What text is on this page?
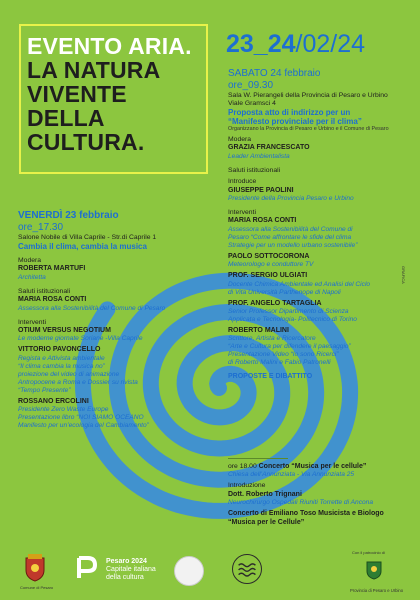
EVENTO ARIA.
LA NATURA
VIVENTE
DELLA
CULTURA.
23_24/02/24
SABATO 24 febbraio
ore_09.30
Sala W. Pierangeli della Provincia di Pesaro e Urbino
Viale Gramsci 4
Proposta atto di indirizzo per un
“Manifesto provinciale per il clima”
Organizzano la Provincia di Pesaro e Urbino e il Comune di Pesaro
Modera
GRAZIA FRANCESCATO
Leader Ambientalista
Saluti istituzionali
Introduce
GIUSEPPE PAOLINI
Presidente della Provincia Pesaro e Urbino
Interventi
MARIA ROSA CONTI
Assessora alla Sostenibilità del Comune di
Pesaro “Come affrontare le sfide del clima
Strategie per un modello urbano sostenibile”
PAOLO SOTTOCORONA
Meteorologo e conduttore TV
PROF. SERGIO ULGIATI
Docente Chimica Ambientale ed Analisi del Ciclo
di Vita Università Parthenope di Napoli
PROF. ANGELO TARTAGLIA
Senior Professor Dipartimento di Scienza
Applicata e Tecnologia- Politecnico di Torino
ROBERTO MALINI
Scrittore, Artista e Ricercatore
“Arte e Cultura per difendere il paesaggio”
Presentazione Video “Io sono Ricerci”
di Roberto Malini e Fabio Patronelli
PROPOSTE E DIBATTITO
ore 18.00 Concerto “Musica per le cellule”
Chiesa dell’Annunziata - Via Annunziata 25
Introduzione
Dott. Roberto Trignani
Neurochirurgo Ospedali Riuniti Torrette di Ancona
Concerto di Emiliano Toso Musicista e Biologo
“Musica per le Cellule”
VENERDÌ 23 febbraio
ore_17.30
Salone Nobile di Villa Caprile - Str.di Caprile 1
Cambia il clima, cambia la musica
Modera
ROBERTA MARTUFI
Architetta
Saluti istituzionali
MARIA ROSA CONTI
Assessora alla Sostenibilità del Comune di Pesaro
Interventi
OTIUM VERSUS NEGOTIUM
Le moderne giornate Soriane -Villa Caprile
VITTORIO PAVONCELLO
Regista e Attivista ambientale
“Il clima cambia la musica no”
proiezione del video di animazione
Antropocene a Roma e Dossier su rivista
“Tempo Presente”
ROSSANO ERCOLINI
Presidente Zero Waste Europe
Presentazione libro “NOI SIAMO OCEANO
Manifesto per un’ecologia del Cambiamento”
GRAFICA
Comune di Pesaro
Pesaro 2024
Capitale italiana
della cultura
Con il patrocinio di
Provincia di Pesaro e Urbino
